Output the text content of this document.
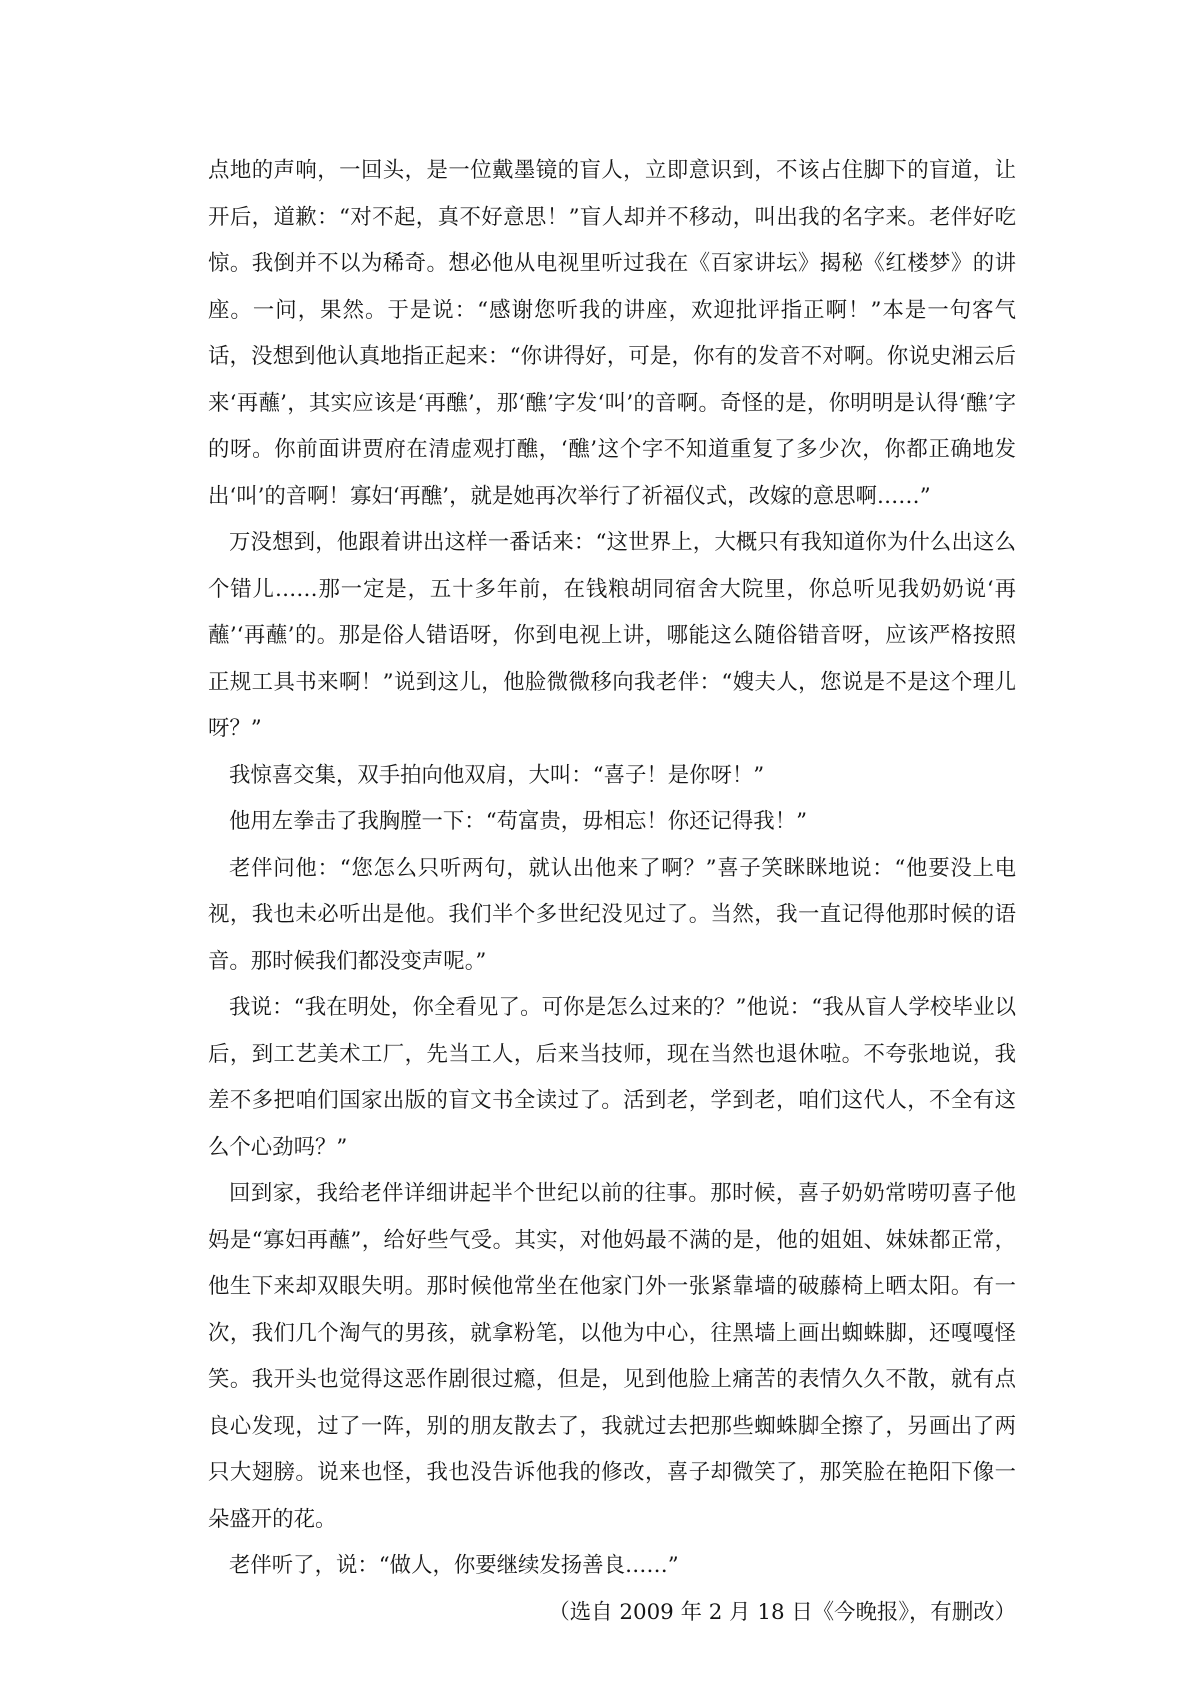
点地的声响，一回头，是一位戴墨镜的盲人，立即意识到，不该占住脚下的盲道，让开后，道歉：“对不起，真不好意思！”盲人却并不移动，叫出我的名字来。老伴好吃惊。我倒并不以为稀奇。想必他从电视里听过我在《百家讲坛》揭秘《红楼梦》的讲座。一问，果然。于是说：“感谢您听我的讲座，欢迎批评指正啊！”本是一句客气话，没想到他认真地指正起来：“你讲得好，可是，你有的发音不对啊。你说史湘云后来‘再蘸’，其实应该是‘再醮’，那‘醮’字发‘叫’的音啊。奇怪的是，你明明是认得‘醮’字的呀。你前面讲贾府在清虚观打醮，‘醮’这个字不知道重复了多少次，你都正确地发出‘叫’的音啊！寡妇‘再醮’，就是她再次举行了祈福仪式，改嫁的意思啊……”

万没想到，他跟着讲出这样一番话来：“这世界上，大概只有我知道你为什么出这么个错儿……那一定是，五十多年前，在钱粮胡同宿舍大院里，你总听见我奶奶说‘再蘸’‘再蘸’的。那是俗人错语呀，你到电视上讲，哪能这么随俗错音呀，应该严格按照正规工具书来啊！”说到这儿，他脸微微移向我老伴：“嫂夫人，您说是不是这个理儿呀？”

我惊喜交集，双手拍向他双肩，大叫：“喜子！是你呀！”

他用左拳击了我胸膛一下：“苟富贵，毋相忘！你还记得我！”

老伴问他：“您怎么只听两句，就认出他来了啊？”喜子笑眯眯地说：“他要没上电视，我也未必听出是他。我们半个多世纪没见过了。当然，我一直记得他那时候的语音。那时候我们都没变声呢。”

我说：“我在明处，你全看见了。可你是怎么过来的？”他说：“我从盲人学校毕业以后，到工艺美术工厂，先当工人，后来当技师，现在当然也退休啦。不夸张地说，我差不多把咱们国家出版的盲文书全读过了。活到老，学到老，咱们这代人，不全有这么个心劲吗？”

回到家，我给老伴详细讲起半个世纪以前的往事。那时候，喜子奶奶常唠叨喜子他妈是“寡妇再蘸”，给好些气受。其实，对他妈最不满的是，他的姐姐、妹妹都正常，他生下来却双眼失明。那时候他常坐在他家门外一张紧靠墙的破藤椅上晒太阳。有一次，我们几个淘气的男孩，就拿粉笔，以他为中心，往黑墙上画出蜘蛛脚，还嘎嘎怪笑。我开头也觉得这恶作剧很过瘾，但是，见到他脸上痛苦的表情久久不散，就有点良心发现，过了一阵，别的朋友散去了，我就过去把那些蜘蛛脚全擦了，另画出了两只大翅膀。说来也怪，我也没告诉他我的修改，喜子却微笑了，那笑脸在艳阳下像一朵盛开的花。

老伴听了，说：“做人，你要继续发扬善良……”

（选自 2009 年 2 月 18 日《今晚报》，有删改）
